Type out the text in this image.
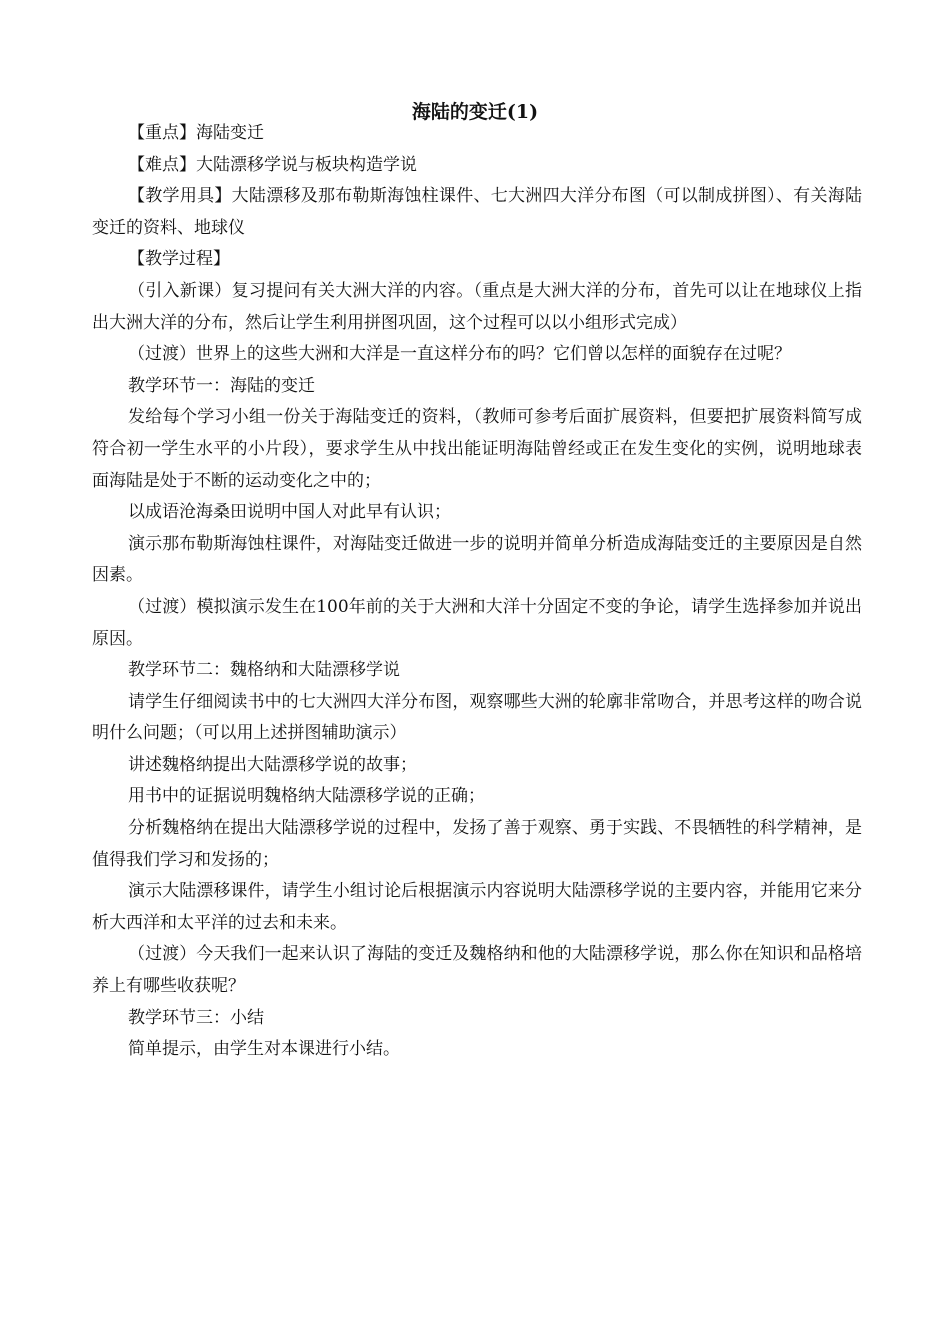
海陆的变迁(1)

【重点】海陆变迁

【难点】大陆漂移学说与板块构造学说

【教学用具】大陆漂移及那布勒斯海蚀柱课件、七大洲四大洋分布图（可以制成拼图）、有关海陆变迁的资料、地球仪

【教学过程】

（引入新课）复习提问有关大洲大洋的内容。（重点是大洲大洋的分布，首先可以让在地球仪上指出大洲大洋的分布，然后让学生利用拼图巩固，这个过程可以以小组形式完成）

（过渡）世界上的这些大洲和大洋是一直这样分布的吗？它们曾以怎样的面貌存在过呢？

教学环节一：海陆的变迁

发给每个学习小组一份关于海陆变迁的资料，（教师可参考后面扩展资料，但要把扩展资料简写成符合初一学生水平的小片段），要求学生从中找出能证明海陆曾经或正在发生变化的实例，说明地球表面海陆是处于不断的运动变化之中的；

以成语沧海桑田说明中国人对此早有认识；

演示那布勒斯海蚀柱课件，对海陆变迁做进一步的说明并简单分析造成海陆变迁的主要原因是自然因素。

（过渡）模拟演示发生在100年前的关于大洲和大洋十分固定不变的争论，请学生选择参加并说出原因。

教学环节二：魏格纳和大陆漂移学说

请学生仔细阅读书中的七大洲四大洋分布图，观察哪些大洲的轮廓非常吻合，并思考这样的吻合说明什么问题；（可以用上述拼图辅助演示）

讲述魏格纳提出大陆漂移学说的故事；

用书中的证据说明魏格纳大陆漂移学说的正确；

分析魏格纳在提出大陆漂移学说的过程中，发扬了善于观察、勇于实践、不畏牺牲的科学精神，是值得我们学习和发扬的；

演示大陆漂移课件，请学生小组讨论后根据演示内容说明大陆漂移学说的主要内容，并能用它来分析大西洋和太平洋的过去和未来。

（过渡）今天我们一起来认识了海陆的变迁及魏格纳和他的大陆漂移学说，那么你在知识和品格培养上有哪些收获呢？

教学环节三：小结

简单提示，由学生对本课进行小结。
